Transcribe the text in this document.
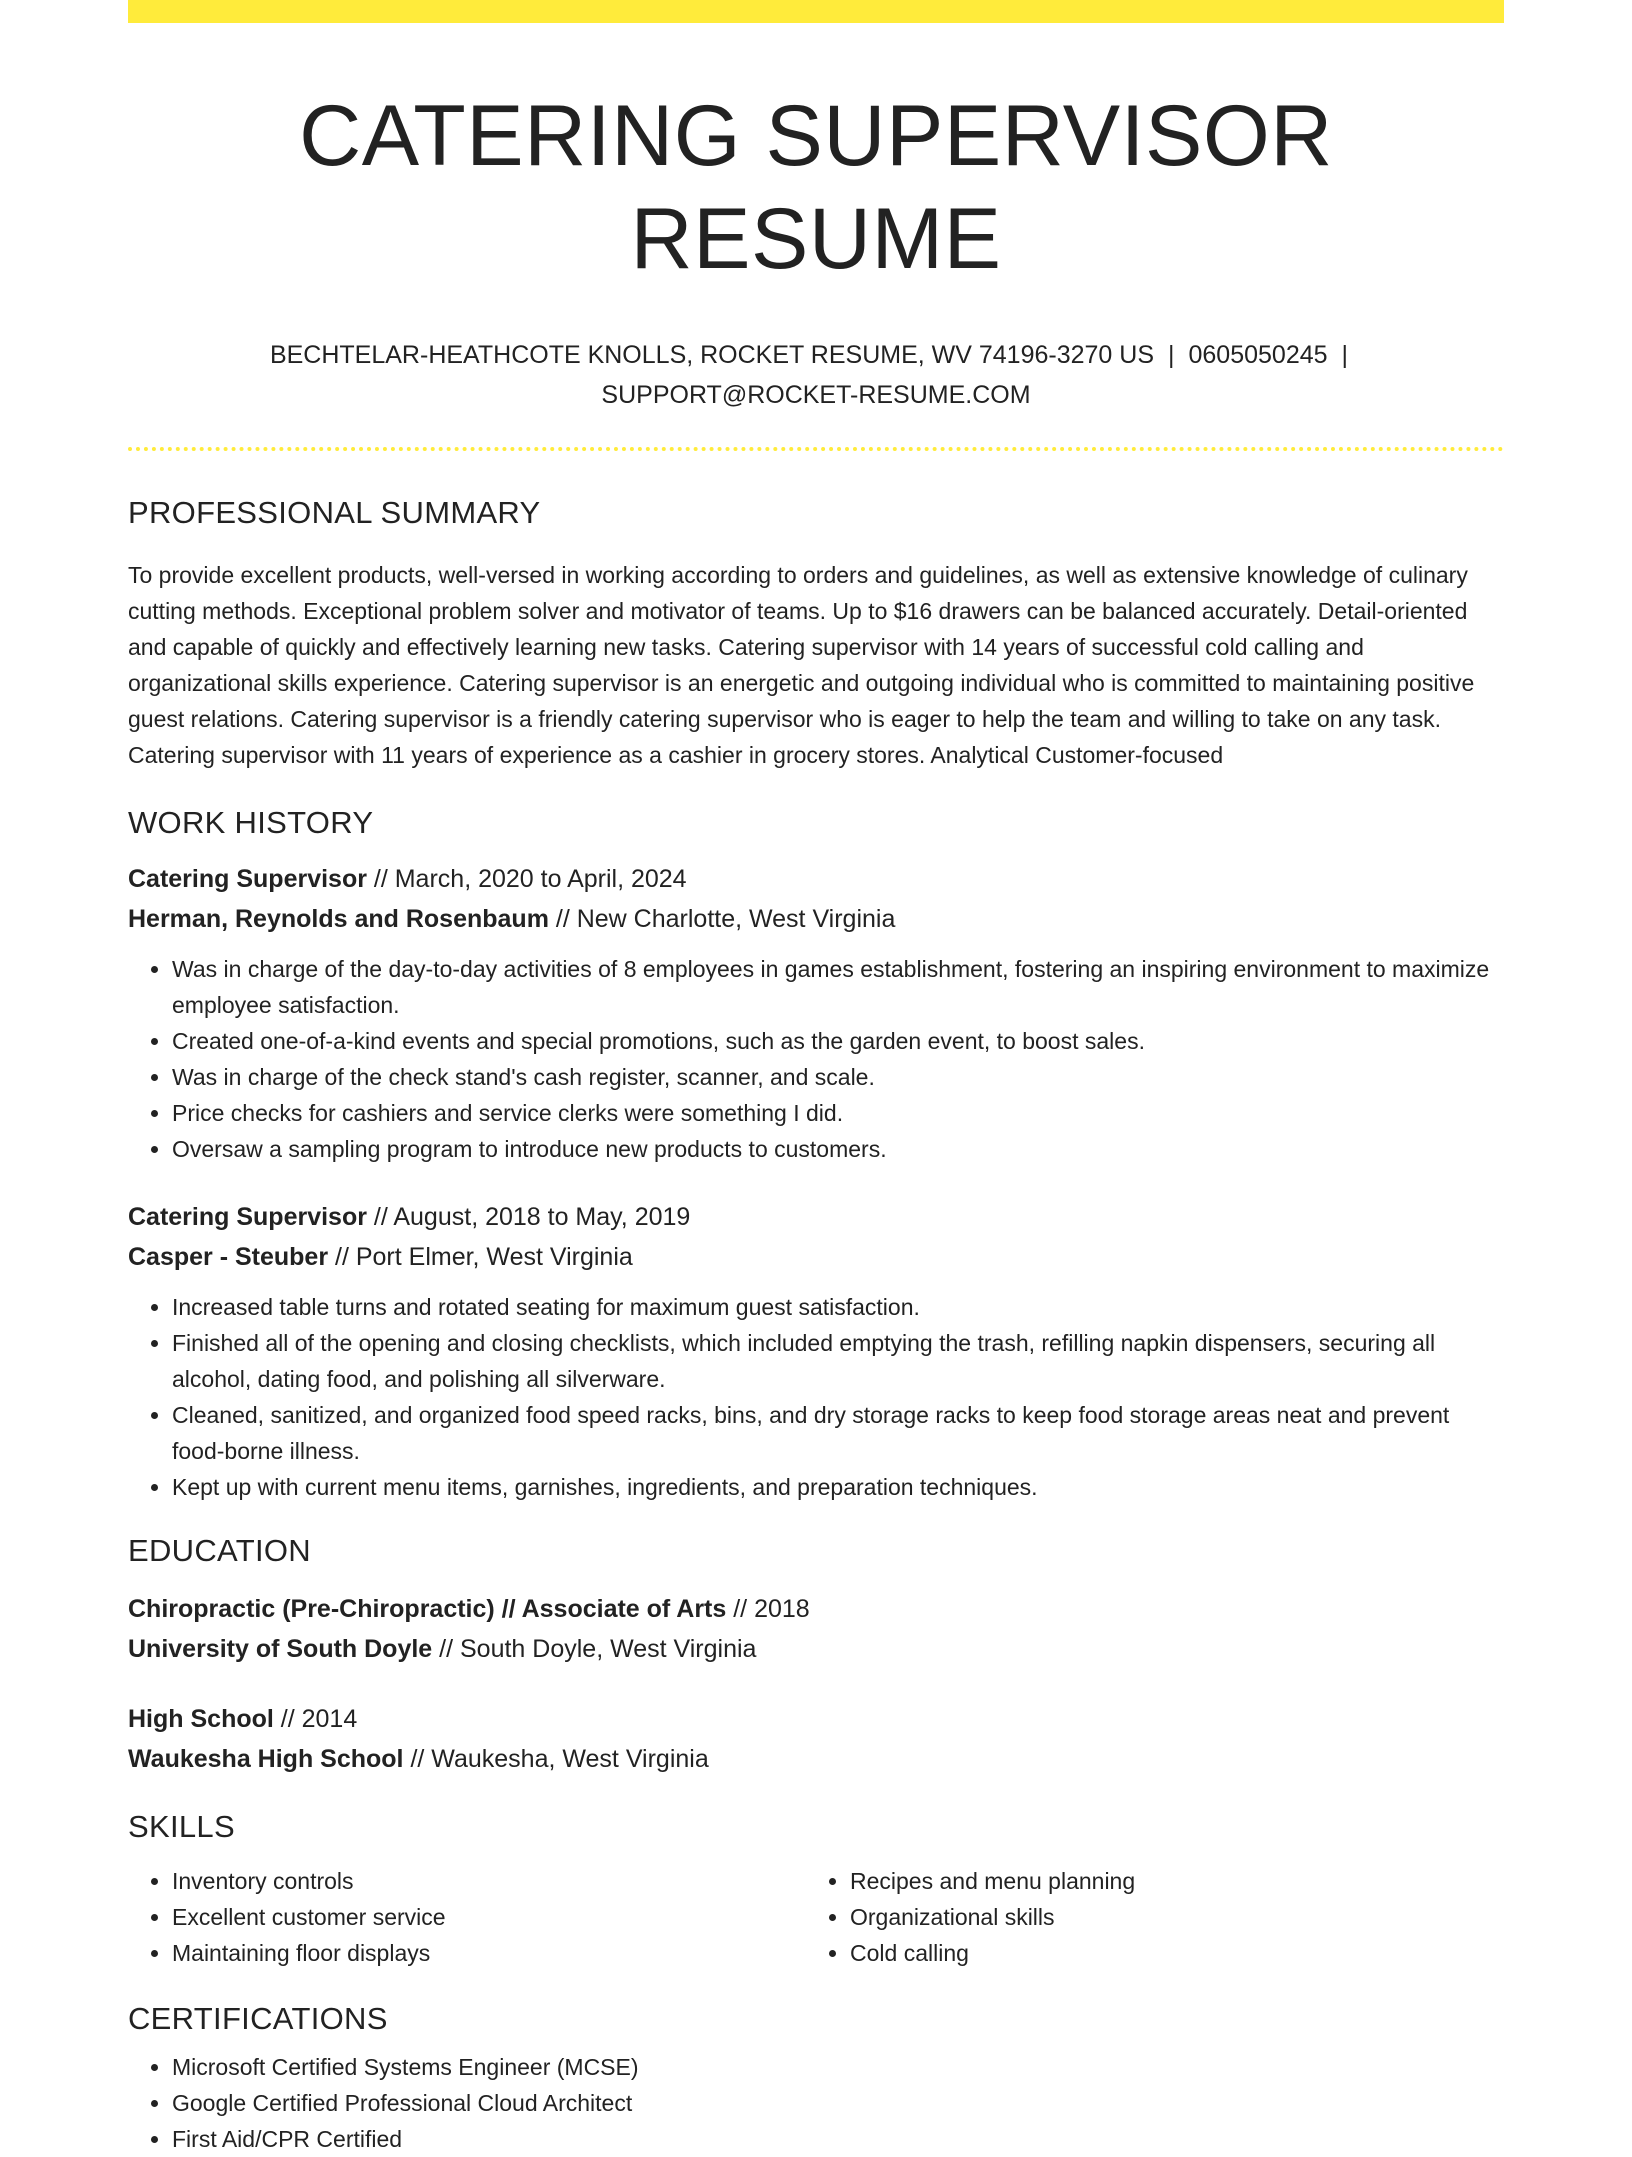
CATERING SUPERVISOR RESUME
BECHTELAR-HEATHCOTE KNOLLS, ROCKET RESUME, WV 74196-3270 US | 0605050245 |
SUPPORT@ROCKET-RESUME.COM
PROFESSIONAL SUMMARY

To provide excellent products, well-versed in working according to orders and guidelines, as well as extensive knowledge of culinary cutting methods. Exceptional problem solver and motivator of teams. Up to $16 drawers can be balanced accurately. Detail-oriented and capable of quickly and effectively learning new tasks. Catering supervisor with 14 years of successful cold calling and organizational skills experience. Catering supervisor is an energetic and outgoing individual who is committed to maintaining positive guest relations. Catering supervisor is a friendly catering supervisor who is eager to help the team and willing to take on any task. Catering supervisor with 11 years of experience as a cashier in grocery stores. Analytical Customer-focused

WORK HISTORY
Catering Supervisor // March, 2020 to April, 2024
Herman, Reynolds and Rosenbaum // New Charlotte, West Virginia
• Was in charge of the day-to-day activities of 8 employees in games establishment, fostering an inspiring environment to maximize employee satisfaction.
• Created one-of-a-kind events and special promotions, such as the garden event, to boost sales.
• Was in charge of the check stand's cash register, scanner, and scale.
• Price checks for cashiers and service clerks were something I did.
• Oversaw a sampling program to introduce new products to customers.
Catering Supervisor // August, 2018 to May, 2019
Casper - Steuber // Port Elmer, West Virginia
• Increased table turns and rotated seating for maximum guest satisfaction.
• Finished all of the opening and closing checklists, which included emptying the trash, refilling napkin dispensers, securing all alcohol, dating food, and polishing all silverware.
• Cleaned, sanitized, and organized food speed racks, bins, and dry storage racks to keep food storage areas neat and prevent food-borne illness.
• Kept up with current menu items, garnishes, ingredients, and preparation techniques.
EDUCATION
Chiropractic (Pre-Chiropractic) // Associate of Arts // 2018
University of South Doyle // South Doyle, West Virginia
High School // 2014
Waukesha High School // Waukesha, West Virginia
SKILLS
• Inventory controls
• Excellent customer service
• Maintaining floor displays
• Recipes and menu planning
• Organizational skills
• Cold calling
CERTIFICATIONS
• Microsoft Certified Systems Engineer (MCSE)
• Google Certified Professional Cloud Architect
• First Aid/CPR Certified
